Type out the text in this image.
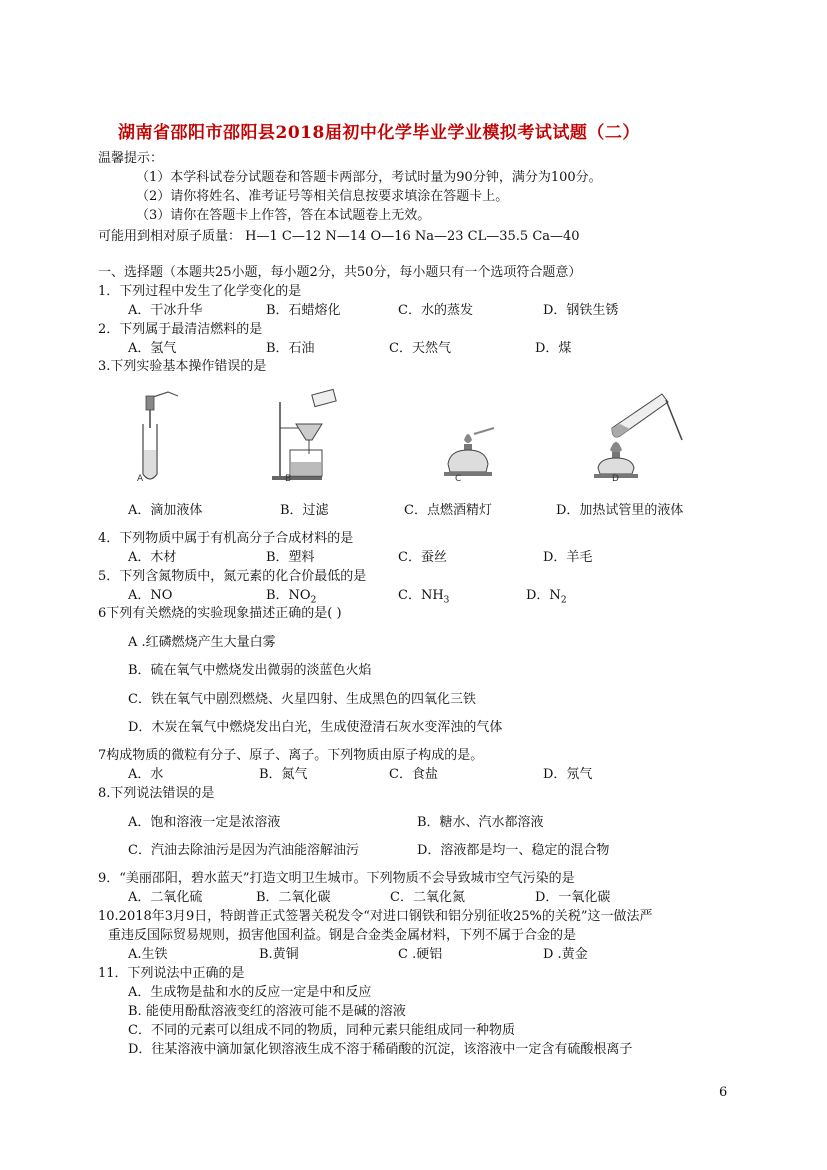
湖南省邵阳市邵阳县2018届初中化学毕业学业模拟考试试题（二）
温馨提示：
（1）本学科试卷分试题卷和答题卡两部分，考试时量为90分钟，满分为100分。
（2）请你将姓名、准考证号等相关信息按要求填涂在答题卡上。
（3）请你在答题卡上作答，答在本试题卷上无效。
可能用到相对原子质量： H—1 C—12 N—14 O—16 Na—23 CL—35.5 Ca—40
一、选择题（本题共25小题，每小题2分，共50分，每小题只有一个选项符合题意）
1．下列过程中发生了化学变化的是
A．干冰升华	B．石蜡熔化	C．水的蒸发	D．钢铁生锈
2．下列属于最清洁燃料的是
A．氢气	B．石油	C．天然气	D．煤
3.下列实验基本操作错误的是
A	B	C	D
A．滴加液体	B．过滤	C．点燃酒精灯	D．加热试管里的液体
4．下列物质中属于有机高分子合成材料的是
A．木材	B．塑料	C．蚕丝	D．羊毛
5．下列含氮物质中，氮元素的化合价最低的是
A．NO	B．$NO_2$	C．$NH_3$	D．$N_2$
6下列有关燃烧的实验现象描述正确的是( )
A .红磷燃烧产生大量白雾
B．硫在氧气中燃烧发出微弱的淡蓝色火焰
C．铁在氧气中剧烈燃烧、火星四射、生成黑色的四氧化三铁
D．木炭在氧气中燃烧发出白光，生成使澄清石灰水变浑浊的气体
7构成物质的微粒有分子、原子、离子。下列物质由原子构成的是。
A．水	B．氮气	C．食盐	D．氖气
8.下列说法错误的是
A．饱和溶液一定是浓溶液	B．糖水、汽水都溶液
C．汽油去除油污是因为汽油能溶解油污	D．溶液都是均一、稳定的混合物
9．“美丽邵阳，碧水蓝天”打造文明卫生城市。下列物质不会导致城市空气污染的是
A．二氧化硫	B．二氧化碳	C．二氧化氮	D．一氧化碳
10.2018年3月9日，特朗普正式签署关税发令“对进口钢铁和铝分别征收25%的关税”这一做法严
重违反国际贸易规则，损害他国利益。钢是合金类金属材料，下列不属于合金的是
A.生铁	B.黄铜	C .硬铝	D .黄金
11．下列说法中正确的是
A．生成物是盐和水的反应一定是中和反应
B. 能使用酚酞溶液变红的溶液可能不是碱的溶液
C．不同的元素可以组成不同的物质，同种元素只能组成同一种物质
D．往某溶液中滴加氯化钡溶液生成不溶于稀硝酸的沉淀，该溶液中一定含有硫酸根离子
6
